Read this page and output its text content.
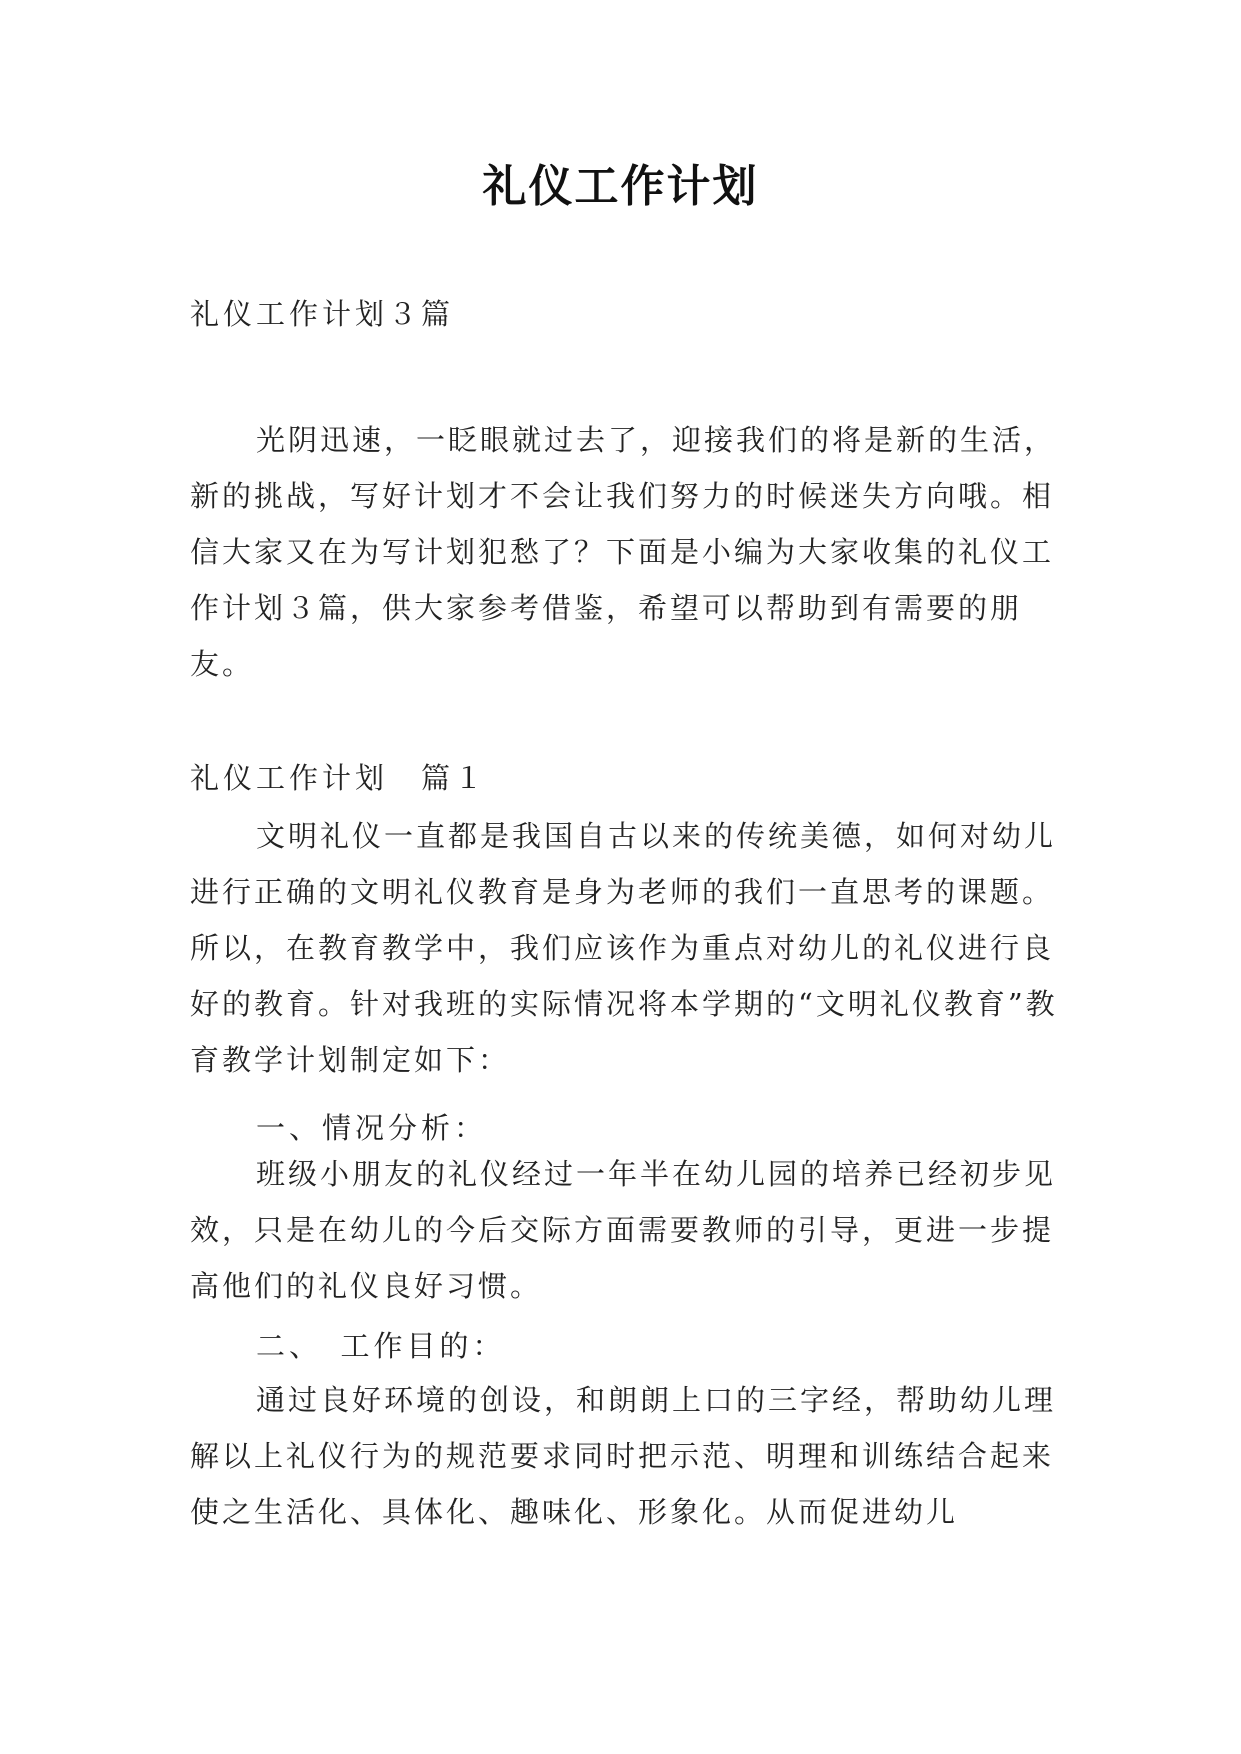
礼仪工作计划
礼仪工作计划３篇

光阴迅速，一眨眼就过去了，迎接我们的将是新的生活，新的挑战，写好计划才不会让我们努力的时候迷失方向哦。相信大家又在为写计划犯愁了？下面是小编为大家收集的礼仪工作计划３篇，供大家参考借鉴，希望可以帮助到有需要的朋友。

礼仪工作计划　篇１

文明礼仪一直都是我国自古以来的传统美德，如何对幼儿进行正确的文明礼仪教育是身为老师的我们一直思考的课题。所以，在教育教学中，我们应该作为重点对幼儿的礼仪进行良好的教育。针对我班的实际情况将本学期的“文明礼仪教育”教育教学计划制定如下：

一、情况分析：

班级小朋友的礼仪经过一年半在幼儿园的培养已经初步见效，只是在幼儿的今后交际方面需要教师的引导，更进一步提高他们的礼仪良好习惯。

二、　工作目的：

通过良好环境的创设，和朗朗上口的三字经，帮助幼儿理解以上礼仪行为的规范要求同时把示范、明理和训练结合起来使之生活化、具体化、趣味化、形象化。从而促进幼儿
